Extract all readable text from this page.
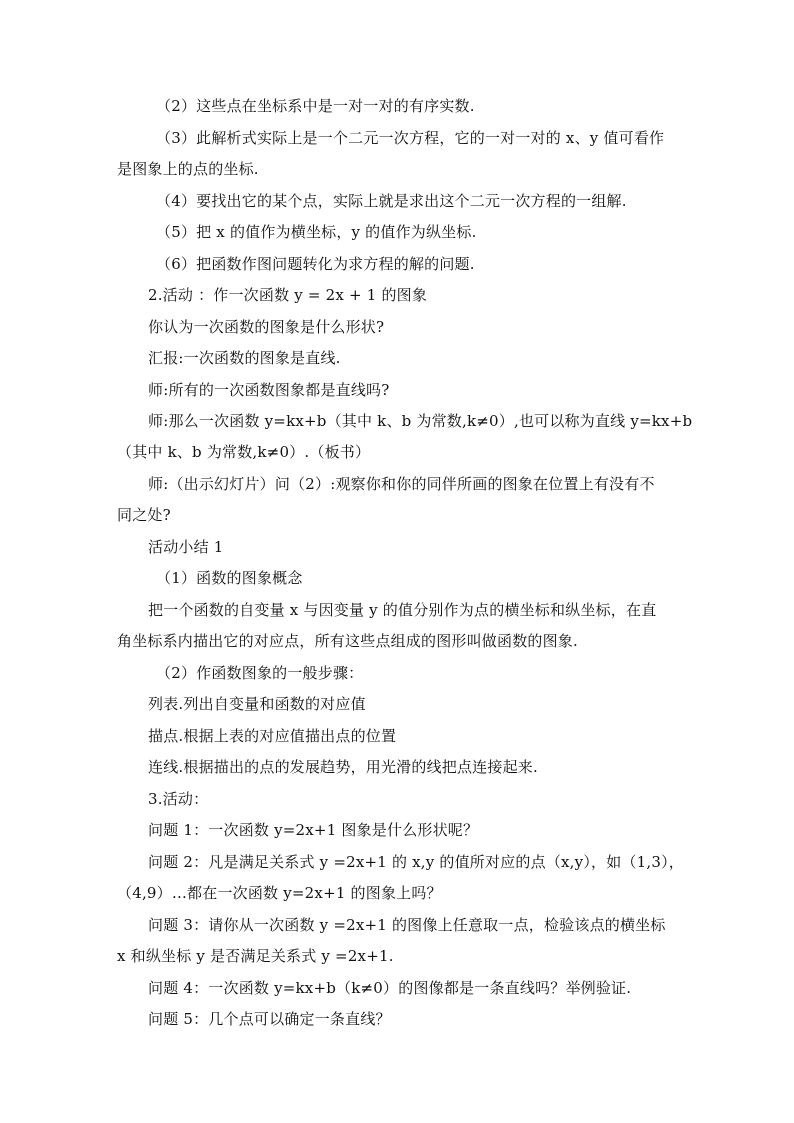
（2）这些点在坐标系中是一对一对的有序实数.
（3）此解析式实际上是一个二元一次方程，它的一对一对的 x、y 值可看作
是图象上的点的坐标.
（4）要找出它的某个点，实际上就是求出这个二元一次方程的一组解.
（5）把 x 的值作为横坐标，y 的值作为纵坐标.
（6）把函数作图问题转化为求方程的解的问题.
2.活动 ：作一次函数 y = 2x + 1 的图象
你认为一次函数的图象是什么形状?
汇报:一次函数的图象是直线.
师:所有的一次函数图象都是直线吗?
师:那么一次函数 y=kx+b（其中 k、b 为常数,k≠0）,也可以称为直线 y=kx+b
（其中 k、b 为常数,k≠0）.（板书）
师:（出示幻灯片）问（2）:观察你和你的同伴所画的图象在位置上有没有不
同之处?
活动小结 1
（1）函数的图象概念
把一个函数的自变量 x 与因变量 y 的值分别作为点的横坐标和纵坐标，在直
角坐标系内描出它的对应点，所有这些点组成的图形叫做函数的图象.
（2）作函数图象的一般步骤：
列表.列出自变量和函数的对应值
描点.根据上表的对应值描出点的位置
连线.根据描出的点的发展趋势，用光滑的线把点连接起来.
3.活动：
问题 1：一次函数 y=2x+1 图象是什么形状呢？
问题 2：凡是满足关系式 y =2x+1 的 x,y 的值所对应的点（x,y），如（1,3），
（4,9）…都在一次函数 y=2x+1 的图象上吗？
问题 3：请你从一次函数 y =2x+1 的图像上任意取一点，检验该点的横坐标
x 和纵坐标 y 是否满足关系式 y =2x+1.
问题 4：一次函数 y=kx+b（k≠0）的图像都是一条直线吗？举例验证.
问题 5：几个点可以确定一条直线？
